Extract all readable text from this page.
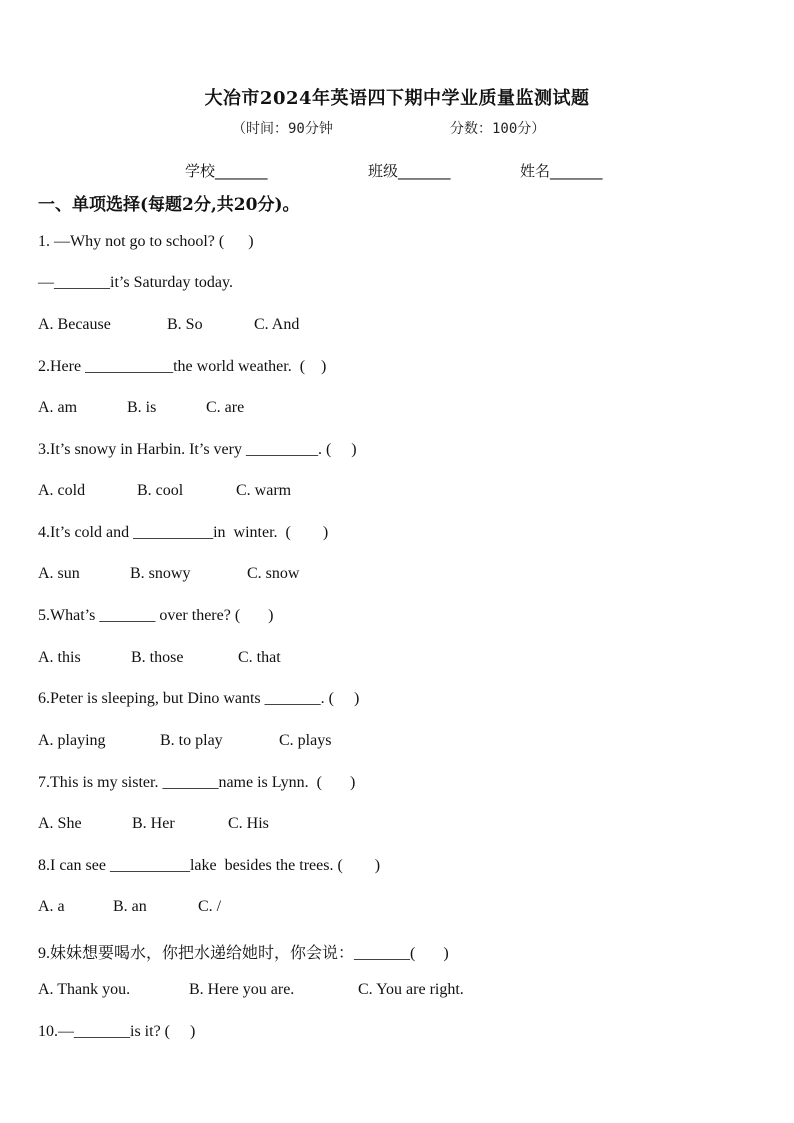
大冶市2024年英语四下期中学业质量监测试题
（时间：90分钟	分数：100分）
学校_______	班级_______	姓名_______
一、单项选择(每题2分,共20分)。
1. —Why not go to school? (      )
—_______it’s Saturday today.
A. Because	B. So	C. And
2.Here ___________the world weather.  (    )
A. am	B. is	C. are
3.It’s snowy in Harbin. It’s very _________. (     )
A. cold	B. cool	C. warm
4.It’s cold and __________in  winter.  (        )
A. sun	B. snowy	C. snow
5.What’s _______ over there? (       )
A. this	B. those	C. that
6.Peter is sleeping, but Dino wants _______. (     )
A. playing	B. to play	C. plays
7.This is my sister. _______name is Lynn.  (       )
A. She	B. Her	C. His
8.I can see __________lake  besides the trees. (        )
A. a	B. an	C. /
9.妹妹想要喝水，你把水递给她时，你会说：_______(       )
A. Thank you.	B. Here you are.	C. You are right.
10.—_______is it? (     )
